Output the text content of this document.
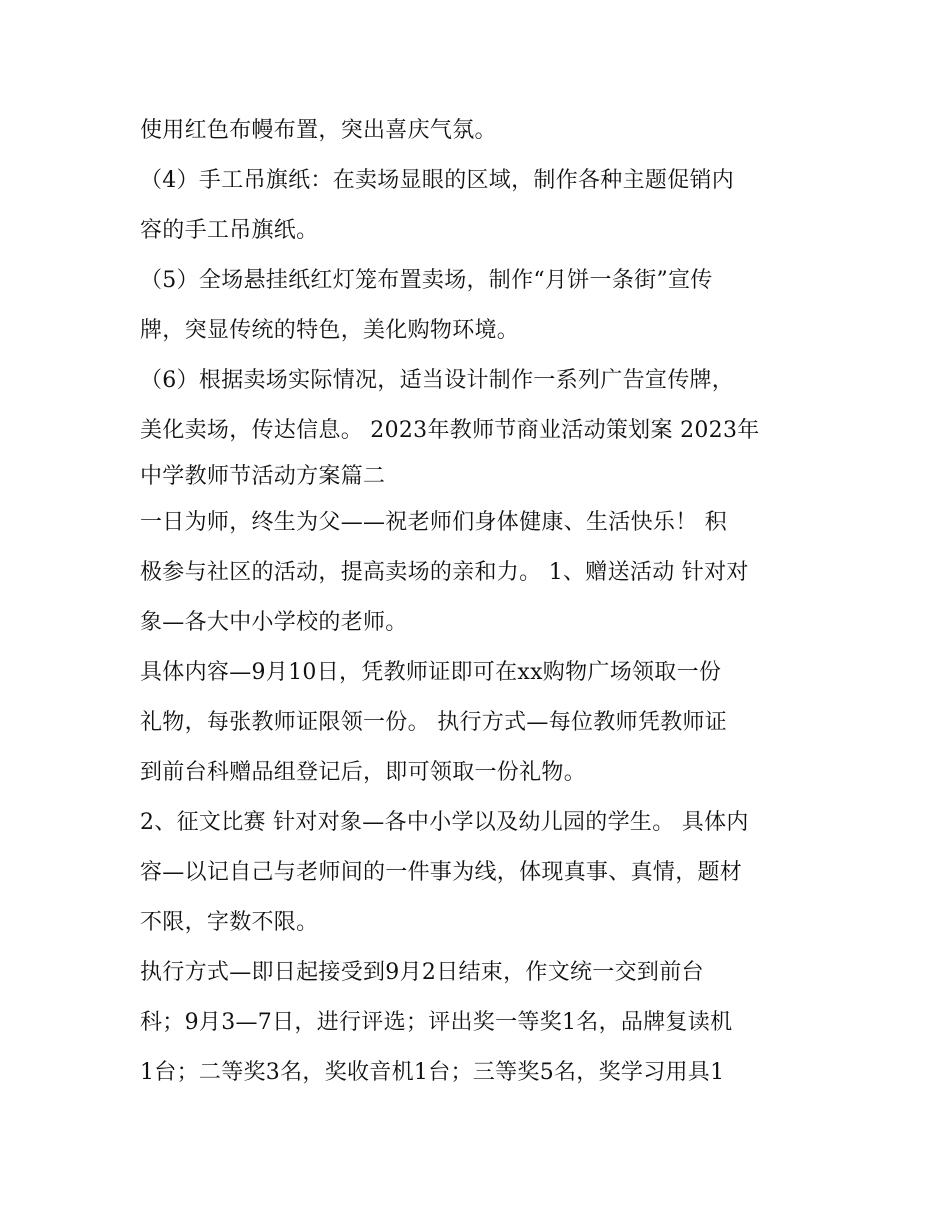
使用红色布幔布置，突出喜庆气氛。
（4）手工吊旗纸：在卖场显眼的区域，制作各种主题促销内
容的手工吊旗纸。
（5）全场悬挂纸红灯笼布置卖场，制作“月饼一条街”宣传
牌，突显传统的特色，美化购物环境。
（6）根据卖场实际情况，适当设计制作一系列广告宣传牌，
美化卖场，传达信息。 2023年教师节商业活动策划案 2023年
中学教师节活动方案篇二
一日为师，终生为父——祝老师们身体健康、生活快乐！ 积
极参与社区的活动，提高卖场的亲和力。 1、赠送活动 针对对
象—各大中小学校的老师。
具体内容—9月10日，凭教师证即可在xx购物广场领取一份
礼物，每张教师证限领一份。 执行方式—每位教师凭教师证
到前台科赠品组登记后，即可领取一份礼物。
2、征文比赛 针对对象—各中小学以及幼儿园的学生。 具体内
容—以记自己与老师间的一件事为线，体现真事、真情，题材
不限，字数不限。
执行方式—即日起接受到9月2日结束，作文统一交到前台
科；9月3—7日，进行评选；评出奖一等奖1名，品牌复读机
1台；二等奖3名，奖收音机1台；三等奖5名，奖学习用具1
